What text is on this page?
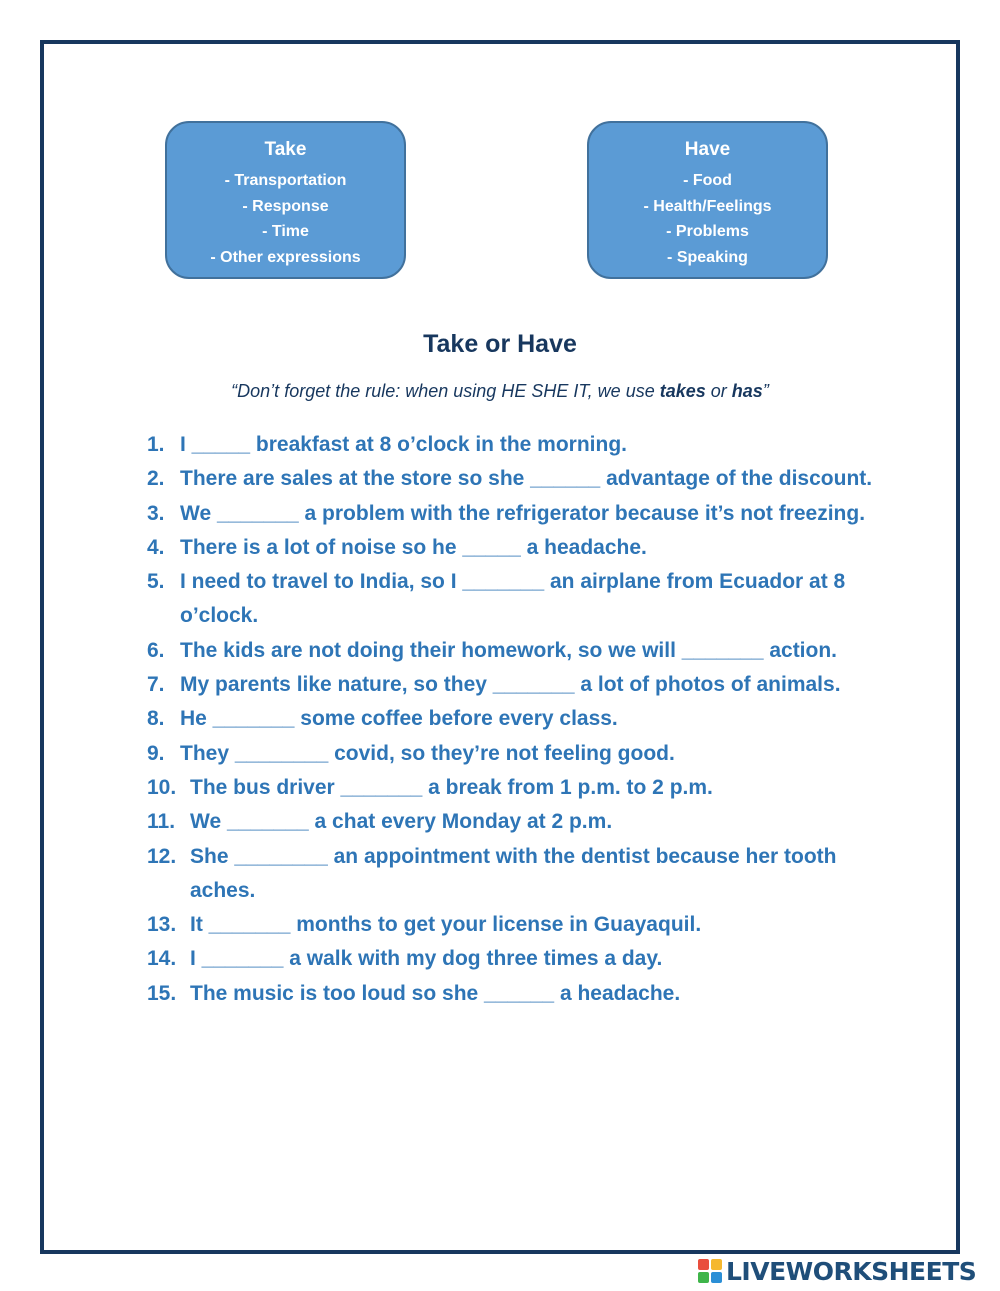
Take
- Transportation
- Response
- Time
- Other expressions
Have
- Food
- Health/Feelings
- Problems
- Speaking
Take or Have
“Don’t forget the rule: when using HE SHE IT, we use takes or has”
1. I _____ breakfast at 8 o’clock in the morning.
2. There are sales at the store so she ______ advantage of the discount.
3. We _______ a problem with the refrigerator because it’s not freezing.
4. There is a lot of noise so he _____ a headache.
5. I need to travel to India, so I _______ an airplane from Ecuador at 8 o’clock.
6. The kids are not doing their homework, so we will _______ action.
7. My parents like nature, so they _______ a lot of photos of animals.
8. He _______ some coffee before every class.
9. They ________ covid, so they’re not feeling good.
10. The bus driver _______ a break from 1 p.m. to 2 p.m.
11. We _______ a chat every Monday at 2 p.m.
12. She ________ an appointment with the dentist because her tooth aches.
13. It _______ months to get your license in Guayaquil.
14. I _______ a walk with my dog three times a day.
15. The music is too loud so she ______ a headache.
LIVEWORKSHEETS
